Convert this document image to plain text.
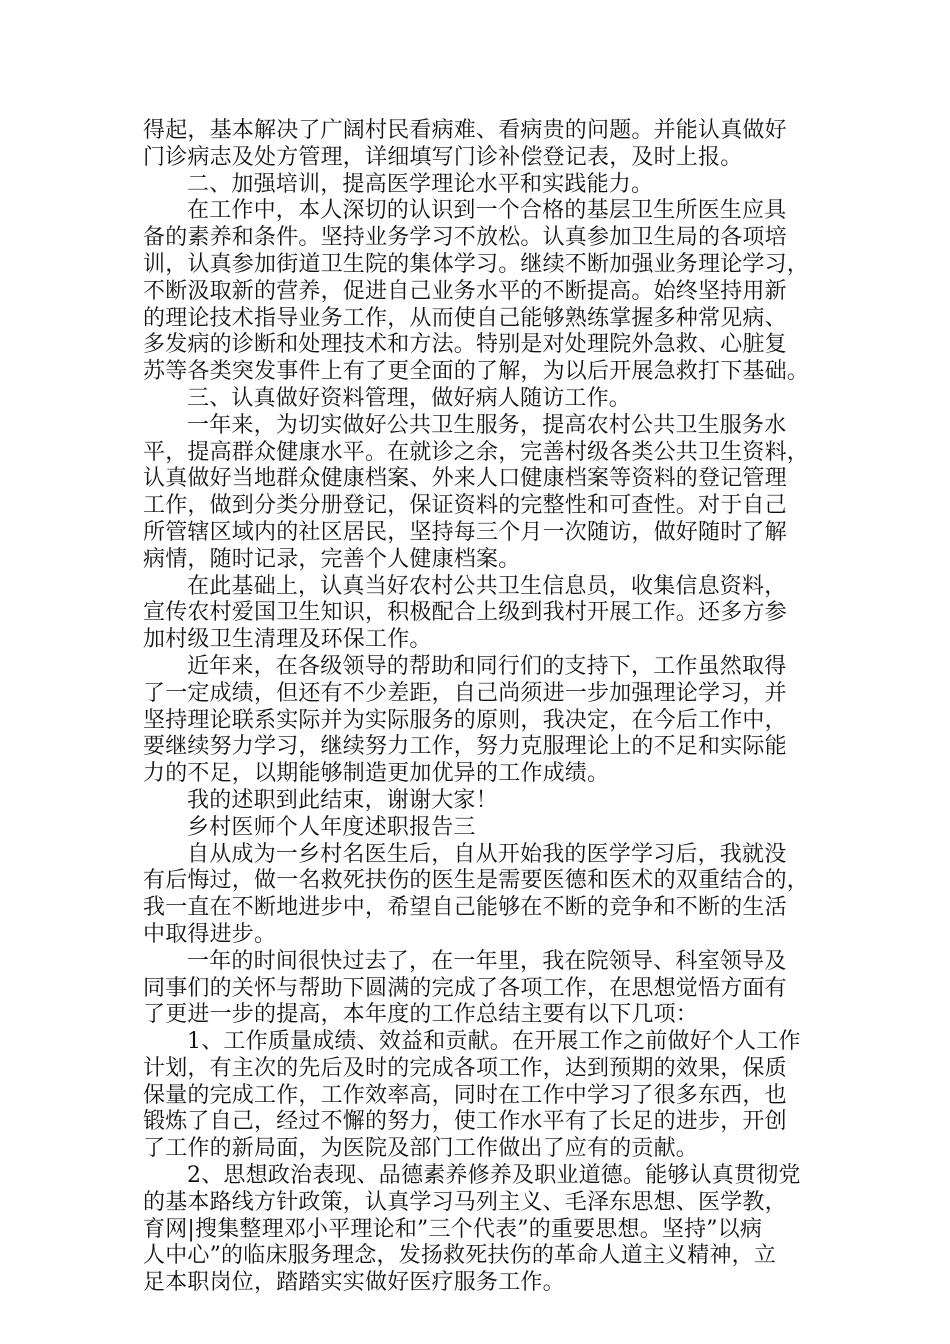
得起，基本解决了广阔村民看病难、看病贵的问题。并能认真做好
门诊病志及处方管理，详细填写门诊补偿登记表，及时上报。
二、加强培训，提高医学理论水平和实践能力。
在工作中，本人深切的认识到一个合格的基层卫生所医生应具
备的素养和条件。坚持业务学习不放松。认真参加卫生局的各项培
训，认真参加街道卫生院的集体学习。继续不断加强业务理论学习，
不断汲取新的营养，促进自己业务水平的不断提高。始终坚持用新
的理论技术指导业务工作，从而使自己能够熟练掌握多种常见病、
多发病的诊断和处理技术和方法。特别是对处理院外急救、心脏复
苏等各类突发事件上有了更全面的了解，为以后开展急救打下基础。
三、认真做好资料管理，做好病人随访工作。
一年来，为切实做好公共卫生服务，提高农村公共卫生服务水
平，提高群众健康水平。在就诊之余，完善村级各类公共卫生资料，
认真做好当地群众健康档案、外来人口健康档案等资料的登记管理
工作，做到分类分册登记，保证资料的完整性和可查性。对于自己
所管辖区域内的社区居民，坚持每三个月一次随访，做好随时了解
病情，随时记录，完善个人健康档案。
在此基础上，认真当好农村公共卫生信息员，收集信息资料，
宣传农村爱国卫生知识，积极配合上级到我村开展工作。还多方参
加村级卫生清理及环保工作。
近年来，在各级领导的帮助和同行们的支持下，工作虽然取得
了一定成绩，但还有不少差距，自己尚须进一步加强理论学习，并
坚持理论联系实际并为实际服务的原则，我决定，在今后工作中，
要继续努力学习，继续努力工作，努力克服理论上的不足和实际能
力的不足，以期能够制造更加优异的工作成绩。
我的述职到此结束，谢谢大家！
乡村医师个人年度述职报告三
自从成为一乡村名医生后，自从开始我的医学学习后，我就没
有后悔过，做一名救死扶伤的医生是需要医德和医术的双重结合的，
我一直在不断地进步中，希望自己能够在不断的竞争和不断的生活
中取得进步。
一年的时间很快过去了，在一年里，我在院领导、科室领导及
同事们的关怀与帮助下圆满的完成了各项工作，在思想觉悟方面有
了更进一步的提高，本年度的工作总结主要有以下几项：
1、工作质量成绩、效益和贡献。在开展工作之前做好个人工作
计划，有主次的先后及时的完成各项工作，达到预期的效果，保质
保量的完成工作，工作效率高，同时在工作中学习了很多东西，也
锻炼了自己，经过不懈的努力，使工作水平有了长足的进步，开创
了工作的新局面，为医院及部门工作做出了应有的贡献。
2、思想政治表现、品德素养修养及职业道德。能够认真贯彻党
的基本路线方针政策，认真学习马列主义、毛泽东思想、医学教，
育网|搜集整理邓小平理论和”三个代表”的重要思想。坚持”以病
人中心”的临床服务理念，发扬救死扶伤的革命人道主义精神，立
足本职岗位，踏踏实实做好医疗服务工作。
